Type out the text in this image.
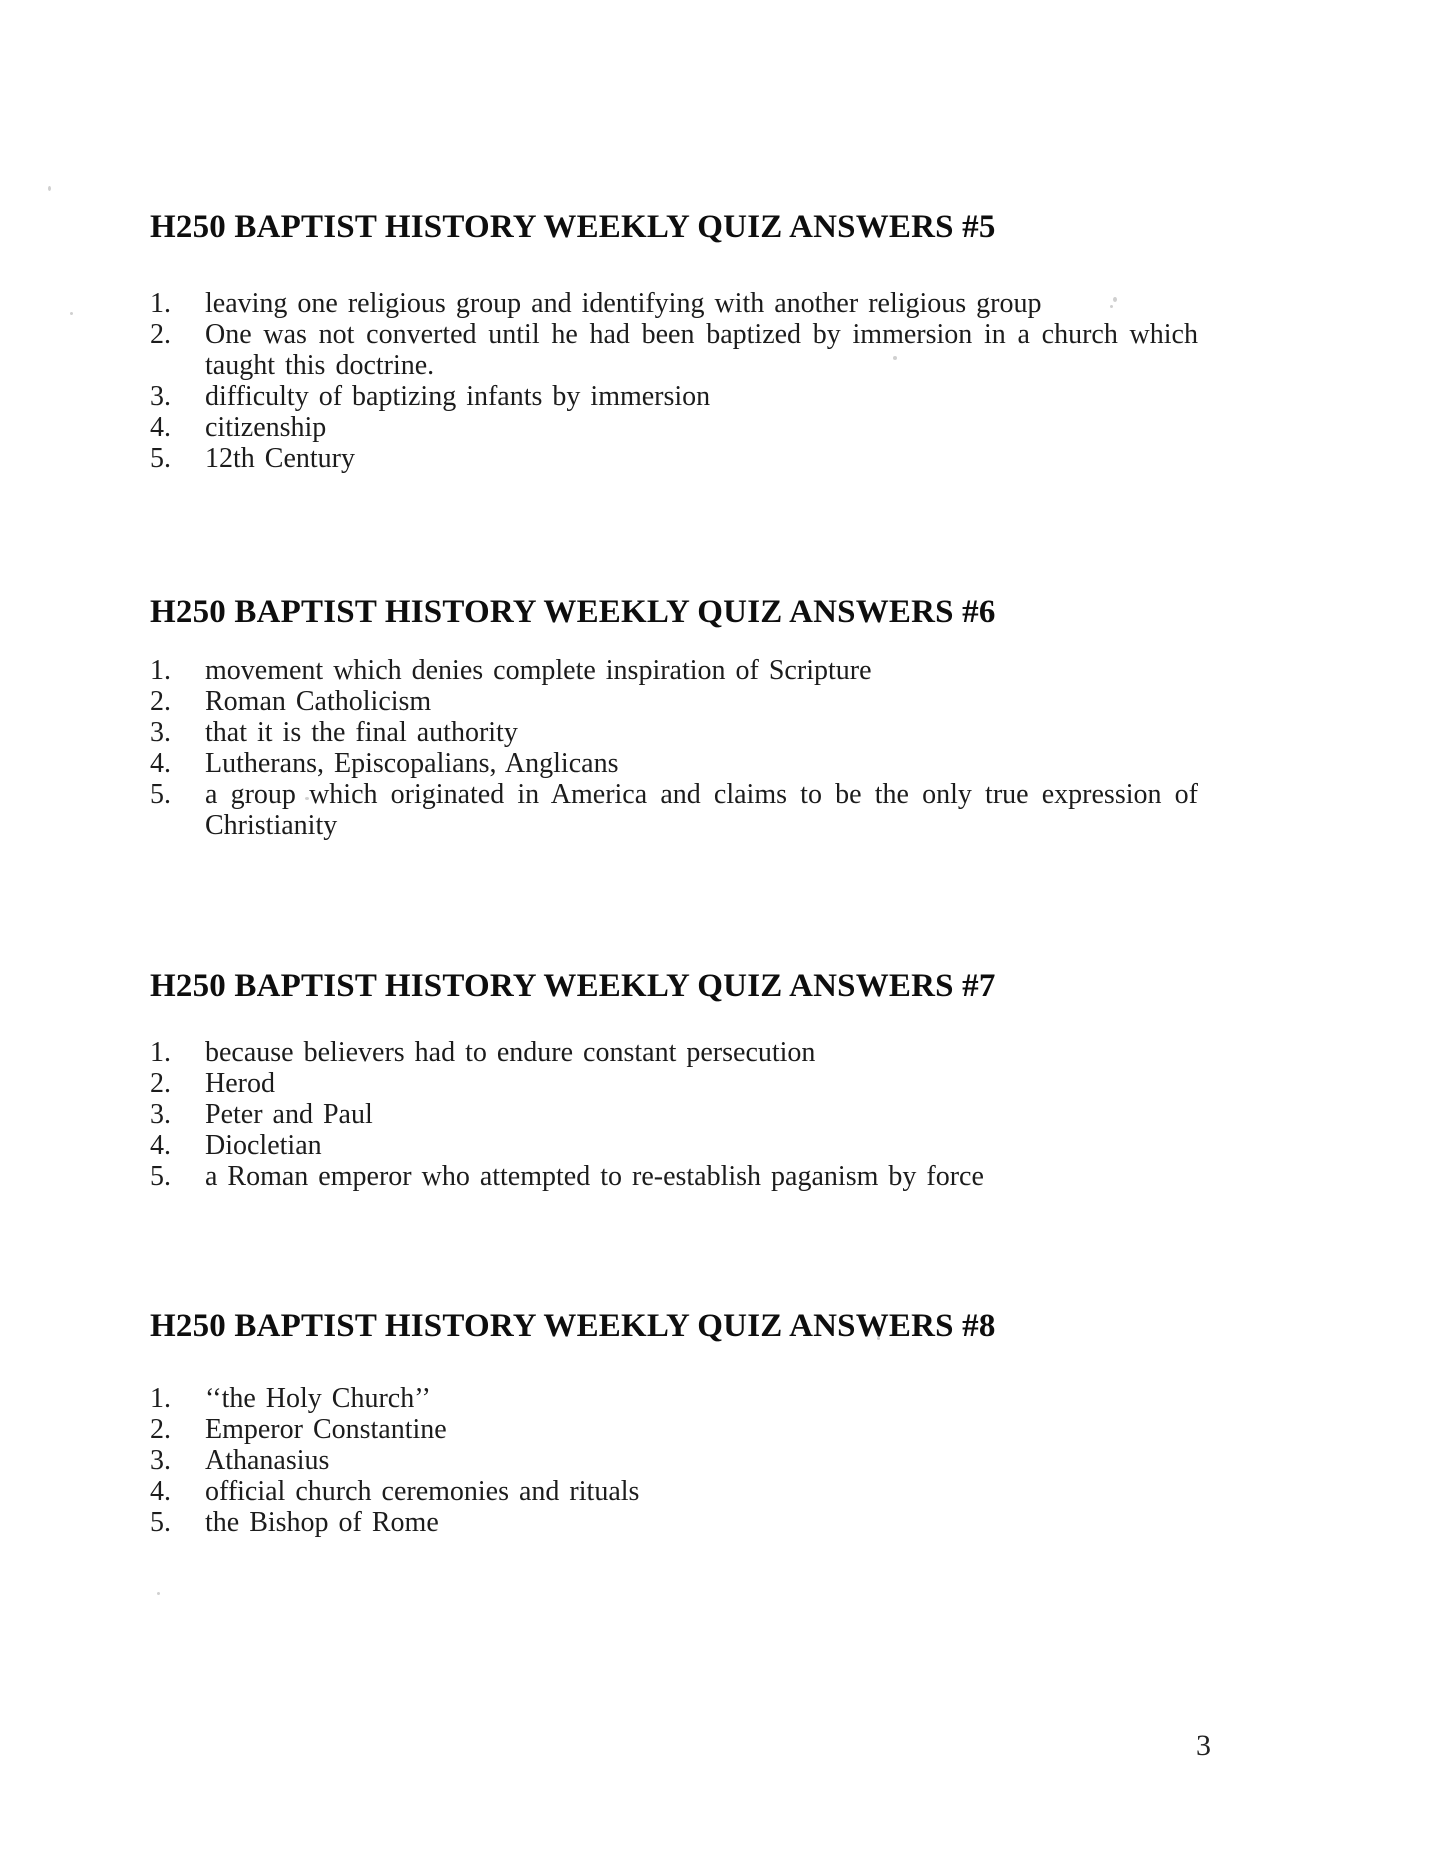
H250 BAPTIST HISTORY WEEKLY QUIZ ANSWERS #5
1.	leaving one religious group and identifying with another religious group
2.	One was not converted until he had been baptized by immersion in a church which taught this doctrine.
3.	difficulty of baptizing infants by immersion
4.	citizenship
5.	12th Century
H250 BAPTIST HISTORY WEEKLY QUIZ ANSWERS #6
1.	movement which denies complete inspiration of Scripture
2.	Roman Catholicism
3.	that it is the final authority
4.	Lutherans, Episcopalians, Anglicans
5.	a group which originated in America and claims to be the only true expression of Christianity
H250 BAPTIST HISTORY WEEKLY QUIZ ANSWERS #7
1.	because believers had to endure constant persecution
2.	Herod
3.	Peter and Paul
4.	Diocletian
5.	a Roman emperor who attempted to re-establish paganism by force
H250 BAPTIST HISTORY WEEKLY QUIZ ANSWERS #8
1.	‘‘the Holy Church’’
2.	Emperor Constantine
3.	Athanasius
4.	official church ceremonies and rituals
5.	the Bishop of Rome
3
